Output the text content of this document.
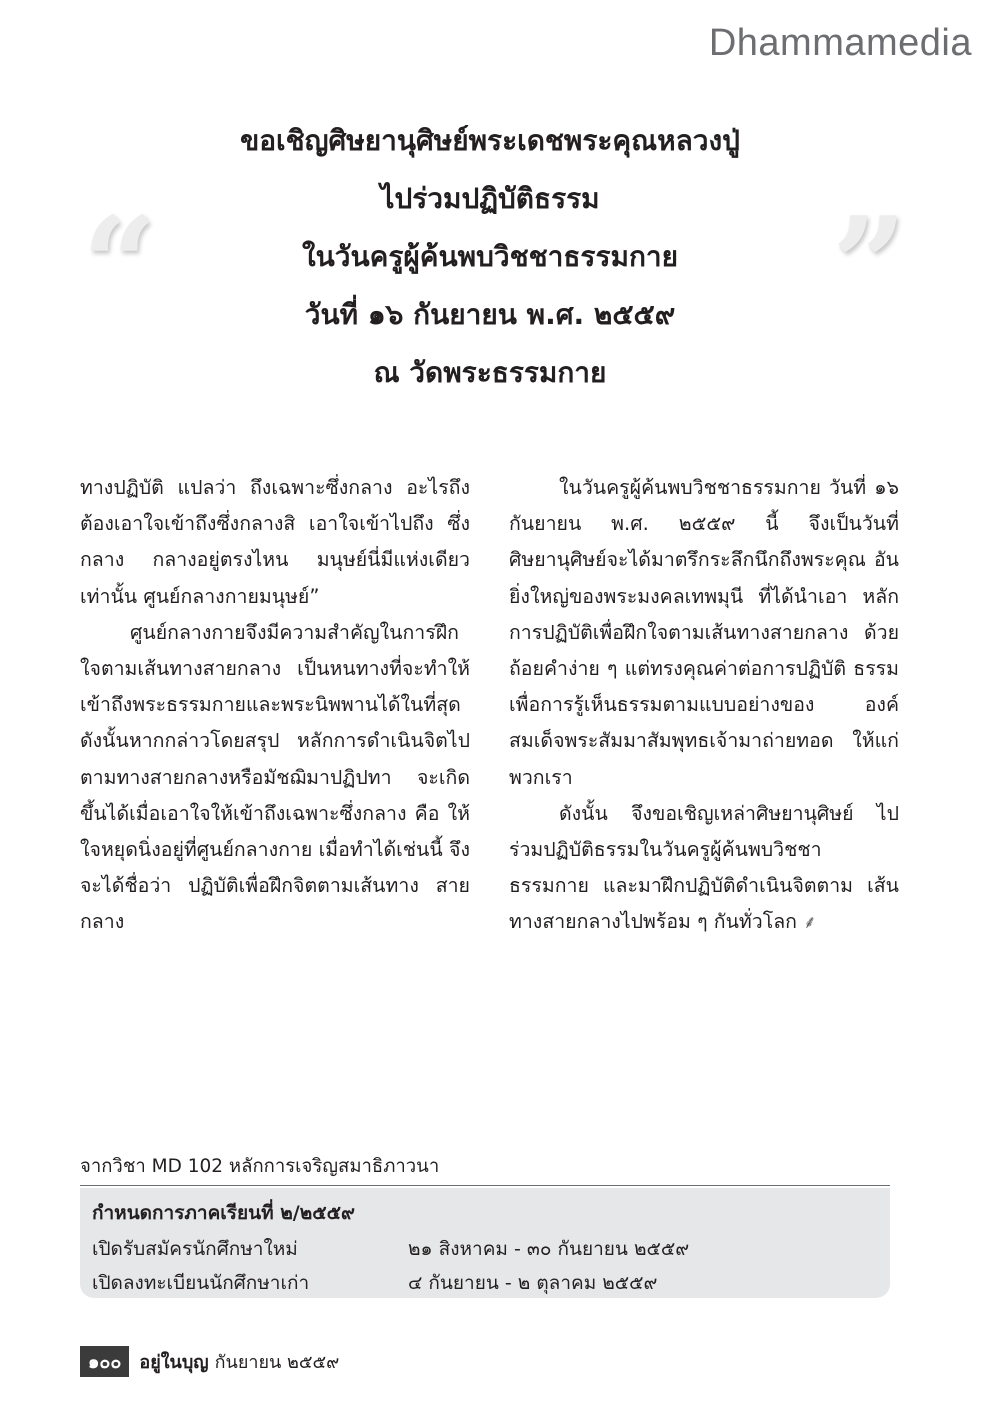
Dhammamedia
“	”
ขอเชิญศิษยานุศิษย์พระเดชพระคุณหลวงปู่
ไปร่วมปฏิบัติธรรม
ในวันครูผู้ค้นพบวิชชาธรรมกาย
วันที่ ๑๖ กันยายน พ.ศ. ๒๕๕๙
ณ วัดพระธรรมกาย

ทางปฏิบัติ แปลว่า ถึงเฉพาะซึ่งกลาง อะไรถึง ต้องเอาใจเข้าถึงซึ่งกลางสิ เอาใจเข้าไปถึง ซึ่งกลาง กลางอยู่ตรงไหน มนุษย์นี่มีแห่งเดียว เท่านั้น ศูนย์กลางกายมนุษย์”

ศูนย์กลางกายจึงมีความสำคัญในการฝึก ใจตามเส้นทางสายกลาง เป็นหนทางที่จะทำให้ เข้าถึงพระธรรมกายและพระนิพพานได้ในที่สุด ดังนั้นหากกล่าวโดยสรุป หลักการดำเนินจิตไป ตามทางสายกลางหรือมัชฌิมาปฏิปทา จะเกิด ขึ้นได้เมื่อเอาใจให้เข้าถึงเฉพาะซึ่งกลาง คือ ให้ ใจหยุดนิ่งอยู่ที่ศูนย์กลางกาย เมื่อทำได้เช่นนี้ จึงจะได้ชื่อว่า ปฏิบัติเพื่อฝึกจิตตามเส้นทาง สายกลาง

ในวันครูผู้ค้นพบวิชชาธรรมกาย วันที่ ๑๖ กันยายน พ.ศ. ๒๕๕๙ นี้ จึงเป็นวันที่ ศิษยานุศิษย์จะได้มาตรึกระลึกนึกถึงพระคุณ อันยิ่งใหญ่ของพระมงคลเทพมุนี ที่ได้นำเอา หลักการปฏิบัติเพื่อฝึกใจตามเส้นทางสายกลาง ด้วยถ้อยคำง่าย ๆ แต่ทรงคุณค่าต่อการปฏิบัติ ธรรม เพื่อการรู้เห็นธรรมตามแบบอย่างของ องค์สมเด็จพระสัมมาสัมพุทธเจ้ามาถ่ายทอด ให้แก่พวกเรา

ดังนั้น จึงขอเชิญเหล่าศิษยานุศิษย์ ไปร่วมปฏิบัติธรรมในวันครูผู้ค้นพบวิชชา ธรรมกาย และมาฝึกปฏิบัติดำเนินจิตตาม เส้นทางสายกลางไปพร้อม ๆ กันทั่วโลก ⸙

จากวิชา MD 102 หลักการเจริญสมาธิภาวนา
กำหนดการภาคเรียนที่ ๒/๒๕๕๙
เปิดรับสมัครนักศึกษาใหม่	๒๑ สิงหาคม - ๓๐ กันยายน ๒๕๕๙
เปิดลงทะเบียนนักศึกษาเก่า	๔ กันยายน - ๒ ตุลาคม ๒๕๕๙
๑๐๐	อยู่ในบุญ กันยายน ๒๕๕๙
